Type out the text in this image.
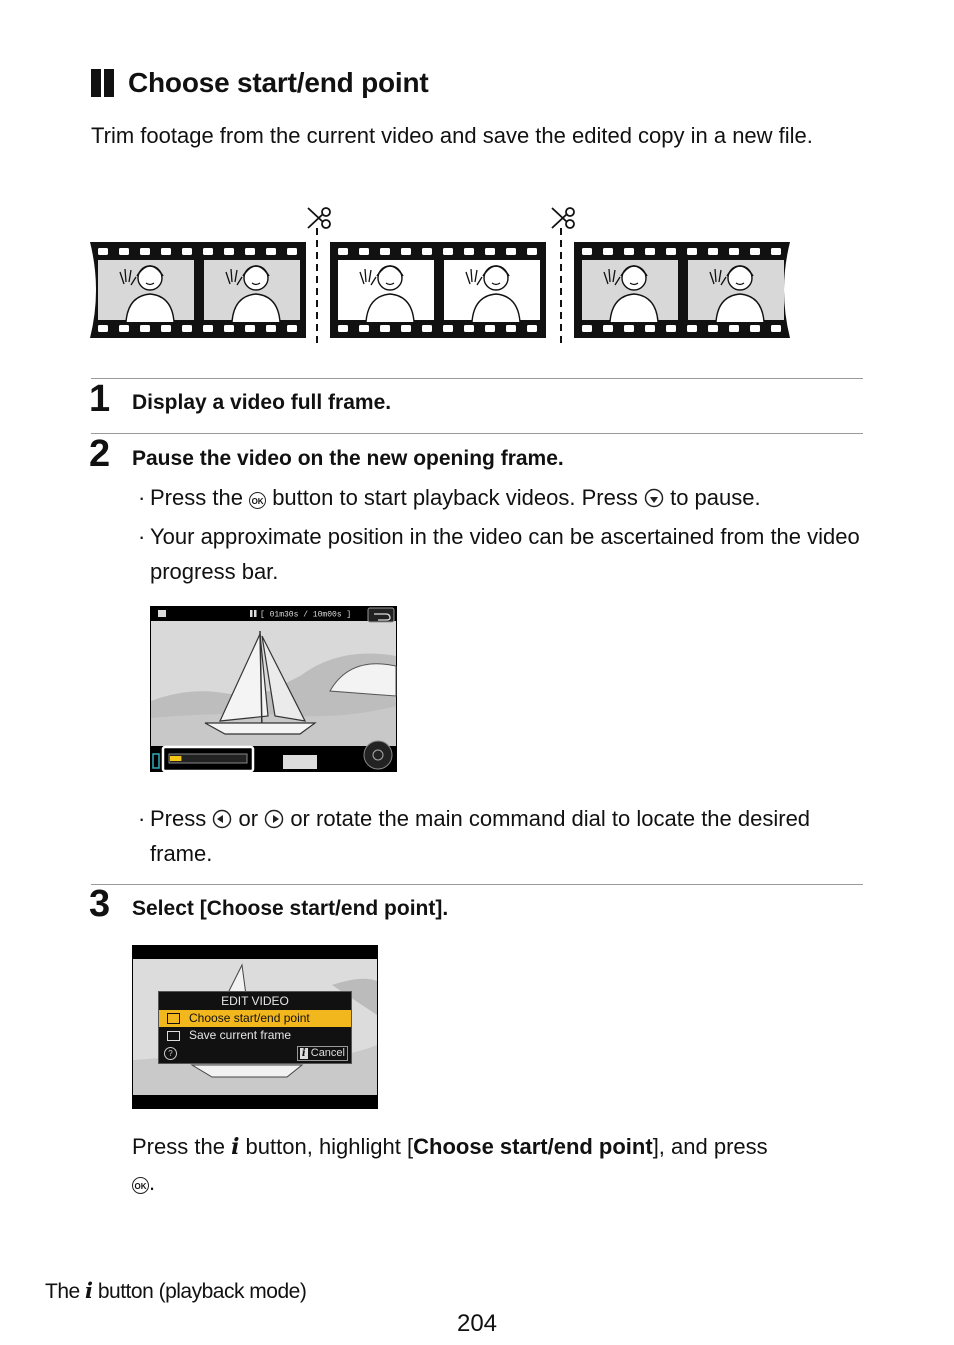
Choose start/end point
Trim footage from the current video and save the edited copy in a new file.
1 Display a video full frame.
2 Pause the video on the new opening frame.
· Press the OK button to start playback videos. Press to pause.
· Your approximate position in the video can be ascertained from the video progress bar.
[ 01m30s / 10m00s ]
· Press or or rotate the main command dial to locate the desired frame.
3 Select [Choose start/end point].
EDIT VIDEO
Choose start/end point
Save current frame
?	i Cancel
Press the i button, highlight [Choose start/end point], and press
OK .
The i button (playback mode)
204
